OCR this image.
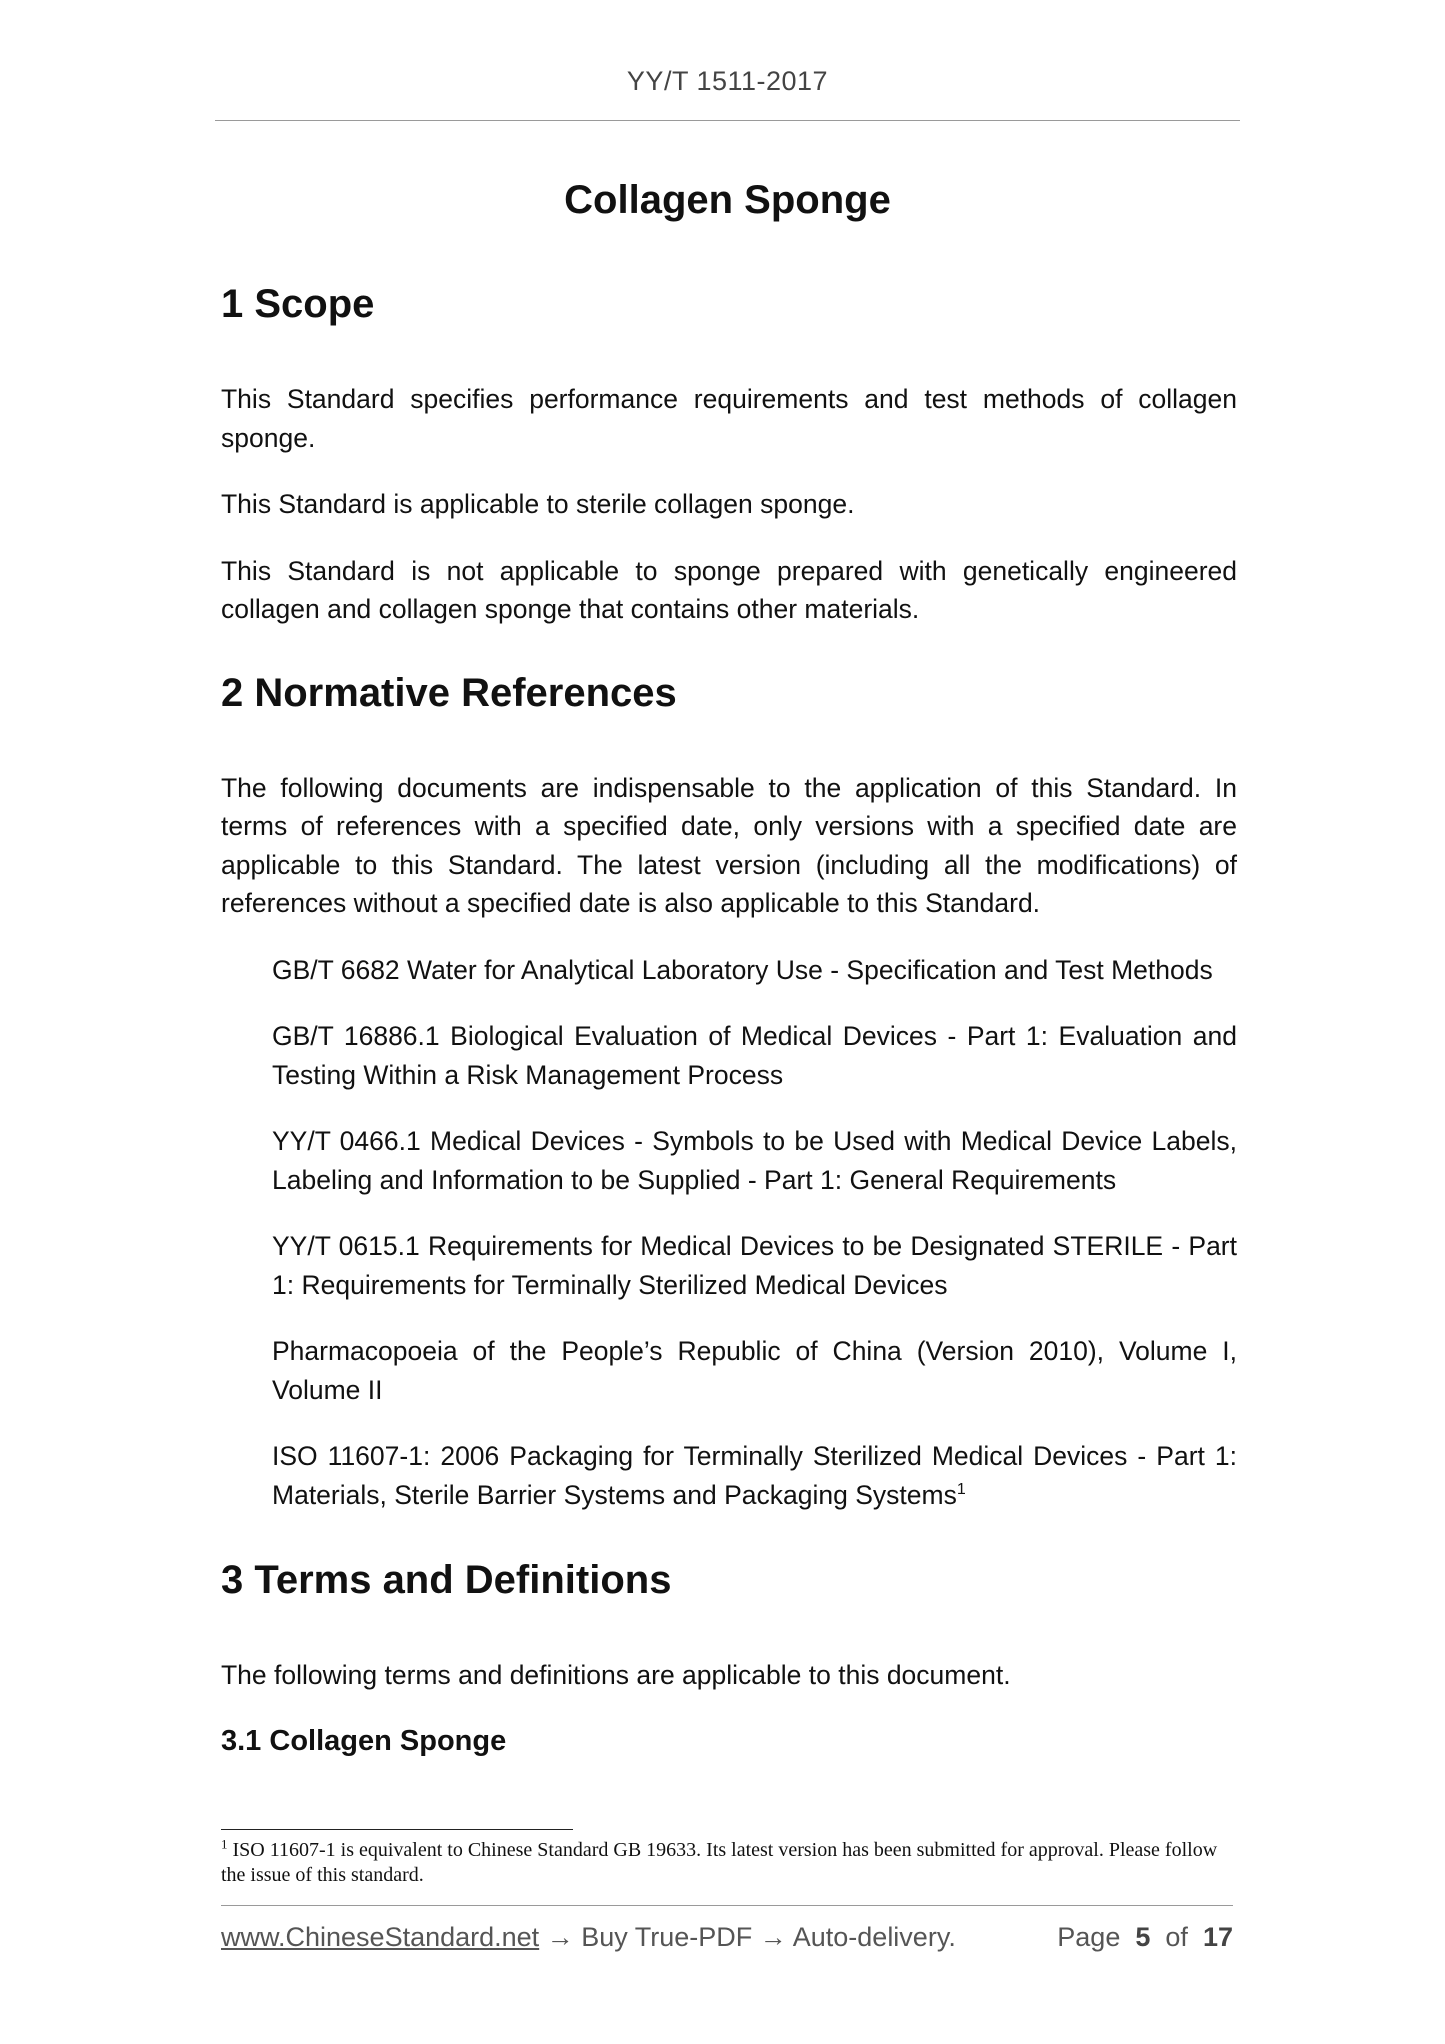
YY/T 1511-2017
Collagen Sponge
1 Scope

This Standard specifies performance requirements and test methods of collagen sponge.

This Standard is applicable to sterile collagen sponge.

This Standard is not applicable to sponge prepared with genetically engineered collagen and collagen sponge that contains other materials.

2 Normative References

The following documents are indispensable to the application of this Standard. In terms of references with a specified date, only versions with a specified date are applicable to this Standard. The latest version (including all the modifications) of references without a specified date is also applicable to this Standard.

GB/T 6682 Water for Analytical Laboratory Use - Specification and Test Methods

GB/T 16886.1 Biological Evaluation of Medical Devices - Part 1: Evaluation and Testing Within a Risk Management Process

YY/T 0466.1 Medical Devices - Symbols to be Used with Medical Device Labels, Labeling and Information to be Supplied - Part 1: General Requirements

YY/T 0615.1 Requirements for Medical Devices to be Designated STERILE - Part 1: Requirements for Terminally Sterilized Medical Devices

Pharmacopoeia of the People’s Republic of China (Version 2010), Volume I, Volume II

ISO 11607-1: 2006 Packaging for Terminally Sterilized Medical Devices - Part 1: Materials, Sterile Barrier Systems and Packaging Systems$^1$

3 Terms and Definitions

The following terms and definitions are applicable to this document.

3.1 Collagen Sponge
$^1$ ISO 11607-1 is equivalent to Chinese Standard GB 19633. Its latest version has been submitted for approval. Please follow the issue of this standard.
www.ChineseStandard.net → Buy True-PDF → Auto-delivery.	Page 5 of 17
